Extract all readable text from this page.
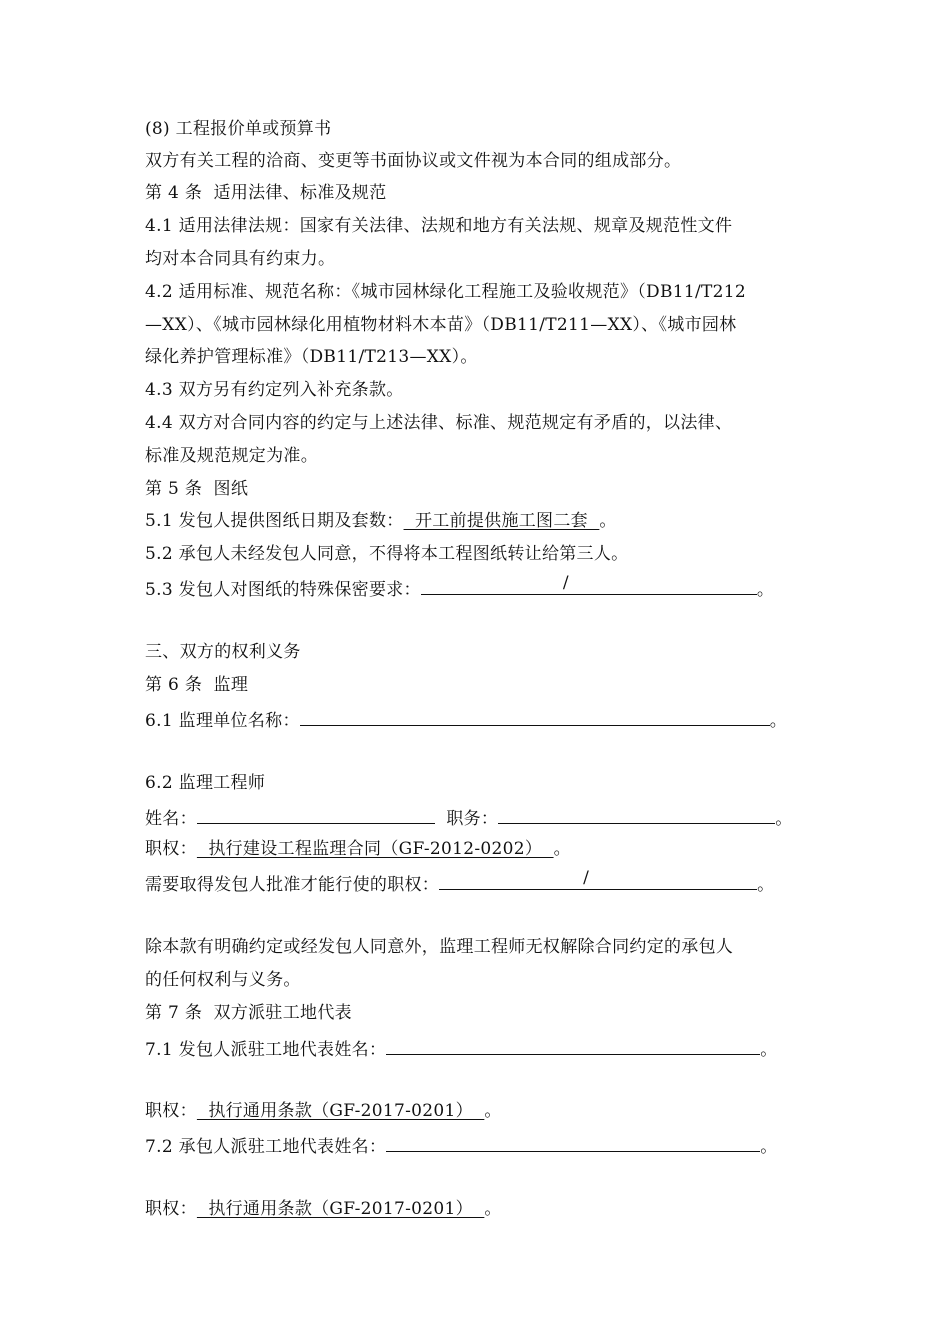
(8) 工程报价单或预算书
双方有关工程的洽商、变更等书面协议或文件视为本合同的组成部分。
第 4 条  适用法律、标准及规范
4.1 适用法律法规：国家有关法律、法规和地方有关法规、规章及规范性文件
均对本合同具有约束力。
4.2 适用标准、规范名称：《城市园林绿化工程施工及验收规范》（DB11/T212
—XX）、《城市园林绿化用植物材料木本苗》（DB11/T211—XX）、《城市园林
绿化养护管理标准》（DB11/T213—XX）。
4.3 双方另有约定列入补充条款。
4.4 双方对合同内容的约定与上述法律、标准、规范规定有矛盾的，以法律、
标准及规范规定为准。
第 5 条  图纸
5.1 发包人提供图纸日期及套数：  开工前提供施工图二套  。
5.2 承包人未经发包人同意，不得将本工程图纸转让给第三人。
5.3 发包人对图纸的特殊保密要求：	/	。
三、双方的权利义务
第 6 条  监理
6.1 监理单位名称：	。
6.2 监理工程师
姓名：	职务：	。
职权：  执行建设工程监理合同（GF-2012-0202）  。
需要取得发包人批准才能行使的职权：	/	。
除本款有明确约定或经发包人同意外，监理工程师无权解除合同约定的承包人
的任何权利与义务。
第 7 条  双方派驻工地代表
7.1 发包人派驻工地代表姓名：	。
职权：  执行通用条款（GF-2017-0201）  。
7.2 承包人派驻工地代表姓名：	。
职权：  执行通用条款（GF-2017-0201）  。
